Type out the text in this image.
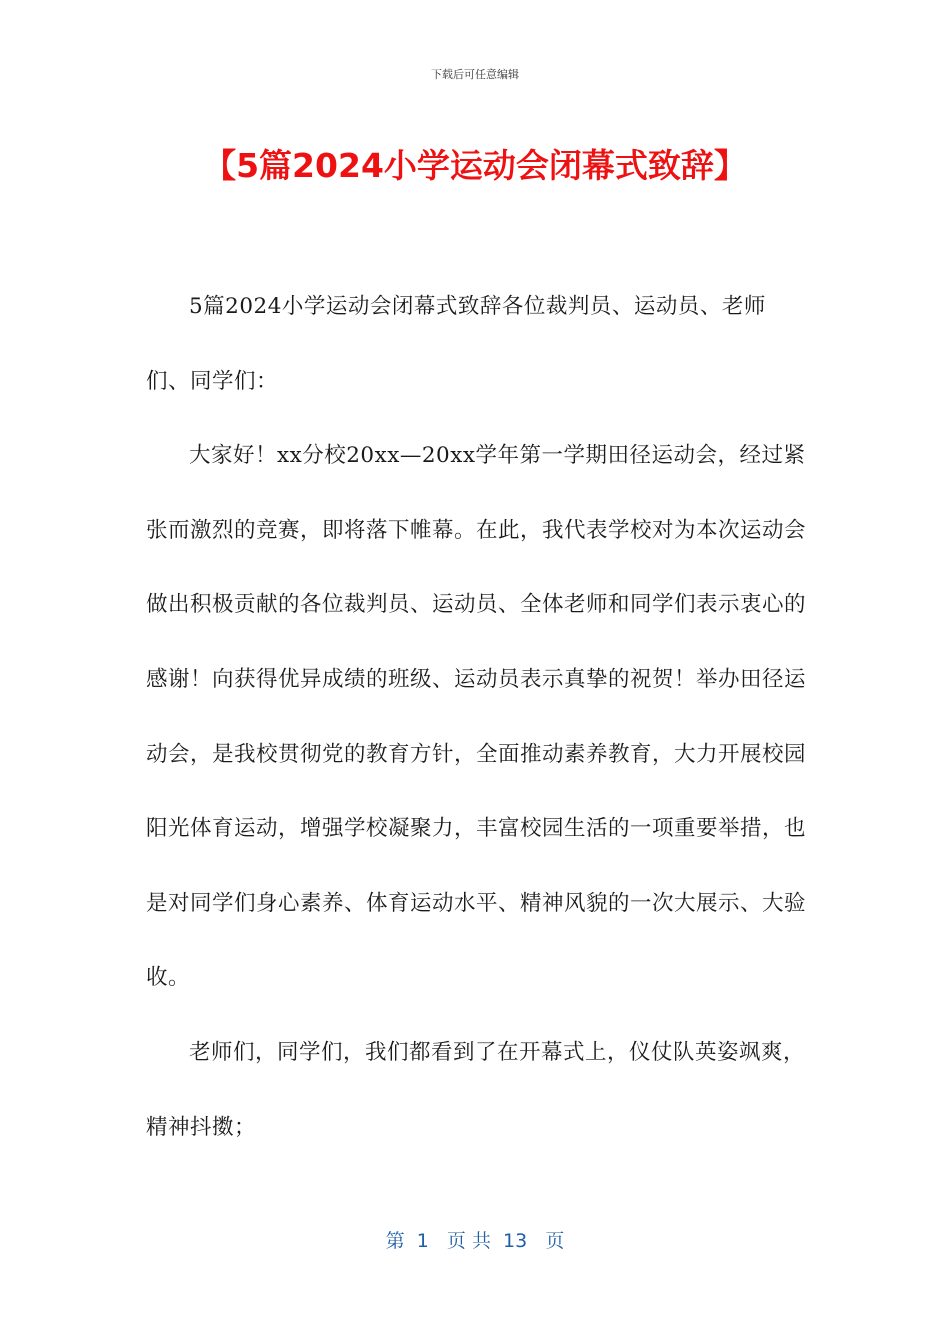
下载后可任意编辑
【5篇2024小学运动会闭幕式致辞】

5篇2024小学运动会闭幕式致辞各位裁判员、运动员、老师们、同学们：

大家好！xx分校20xx—20xx学年第一学期田径运动会，经过紧张而激烈的竞赛，即将落下帷幕。在此，我代表学校对为本次运动会做出积极贡献的各位裁判员、运动员、全体老师和同学们表示衷心的感谢！向获得优异成绩的班级、运动员表示真挚的祝贺！举办田径运动会，是我校贯彻党的教育方针，全面推动素养教育，大力开展校园阳光体育运动，增强学校凝聚力，丰富校园生活的一项重要举措，也是对同学们身心素养、体育运动水平、精神风貌的一次大展示、大验收。

老师们，同学们，我们都看到了在开幕式上，仪仗队英姿飒爽，精神抖擞；

第  1   页 共  13   页
